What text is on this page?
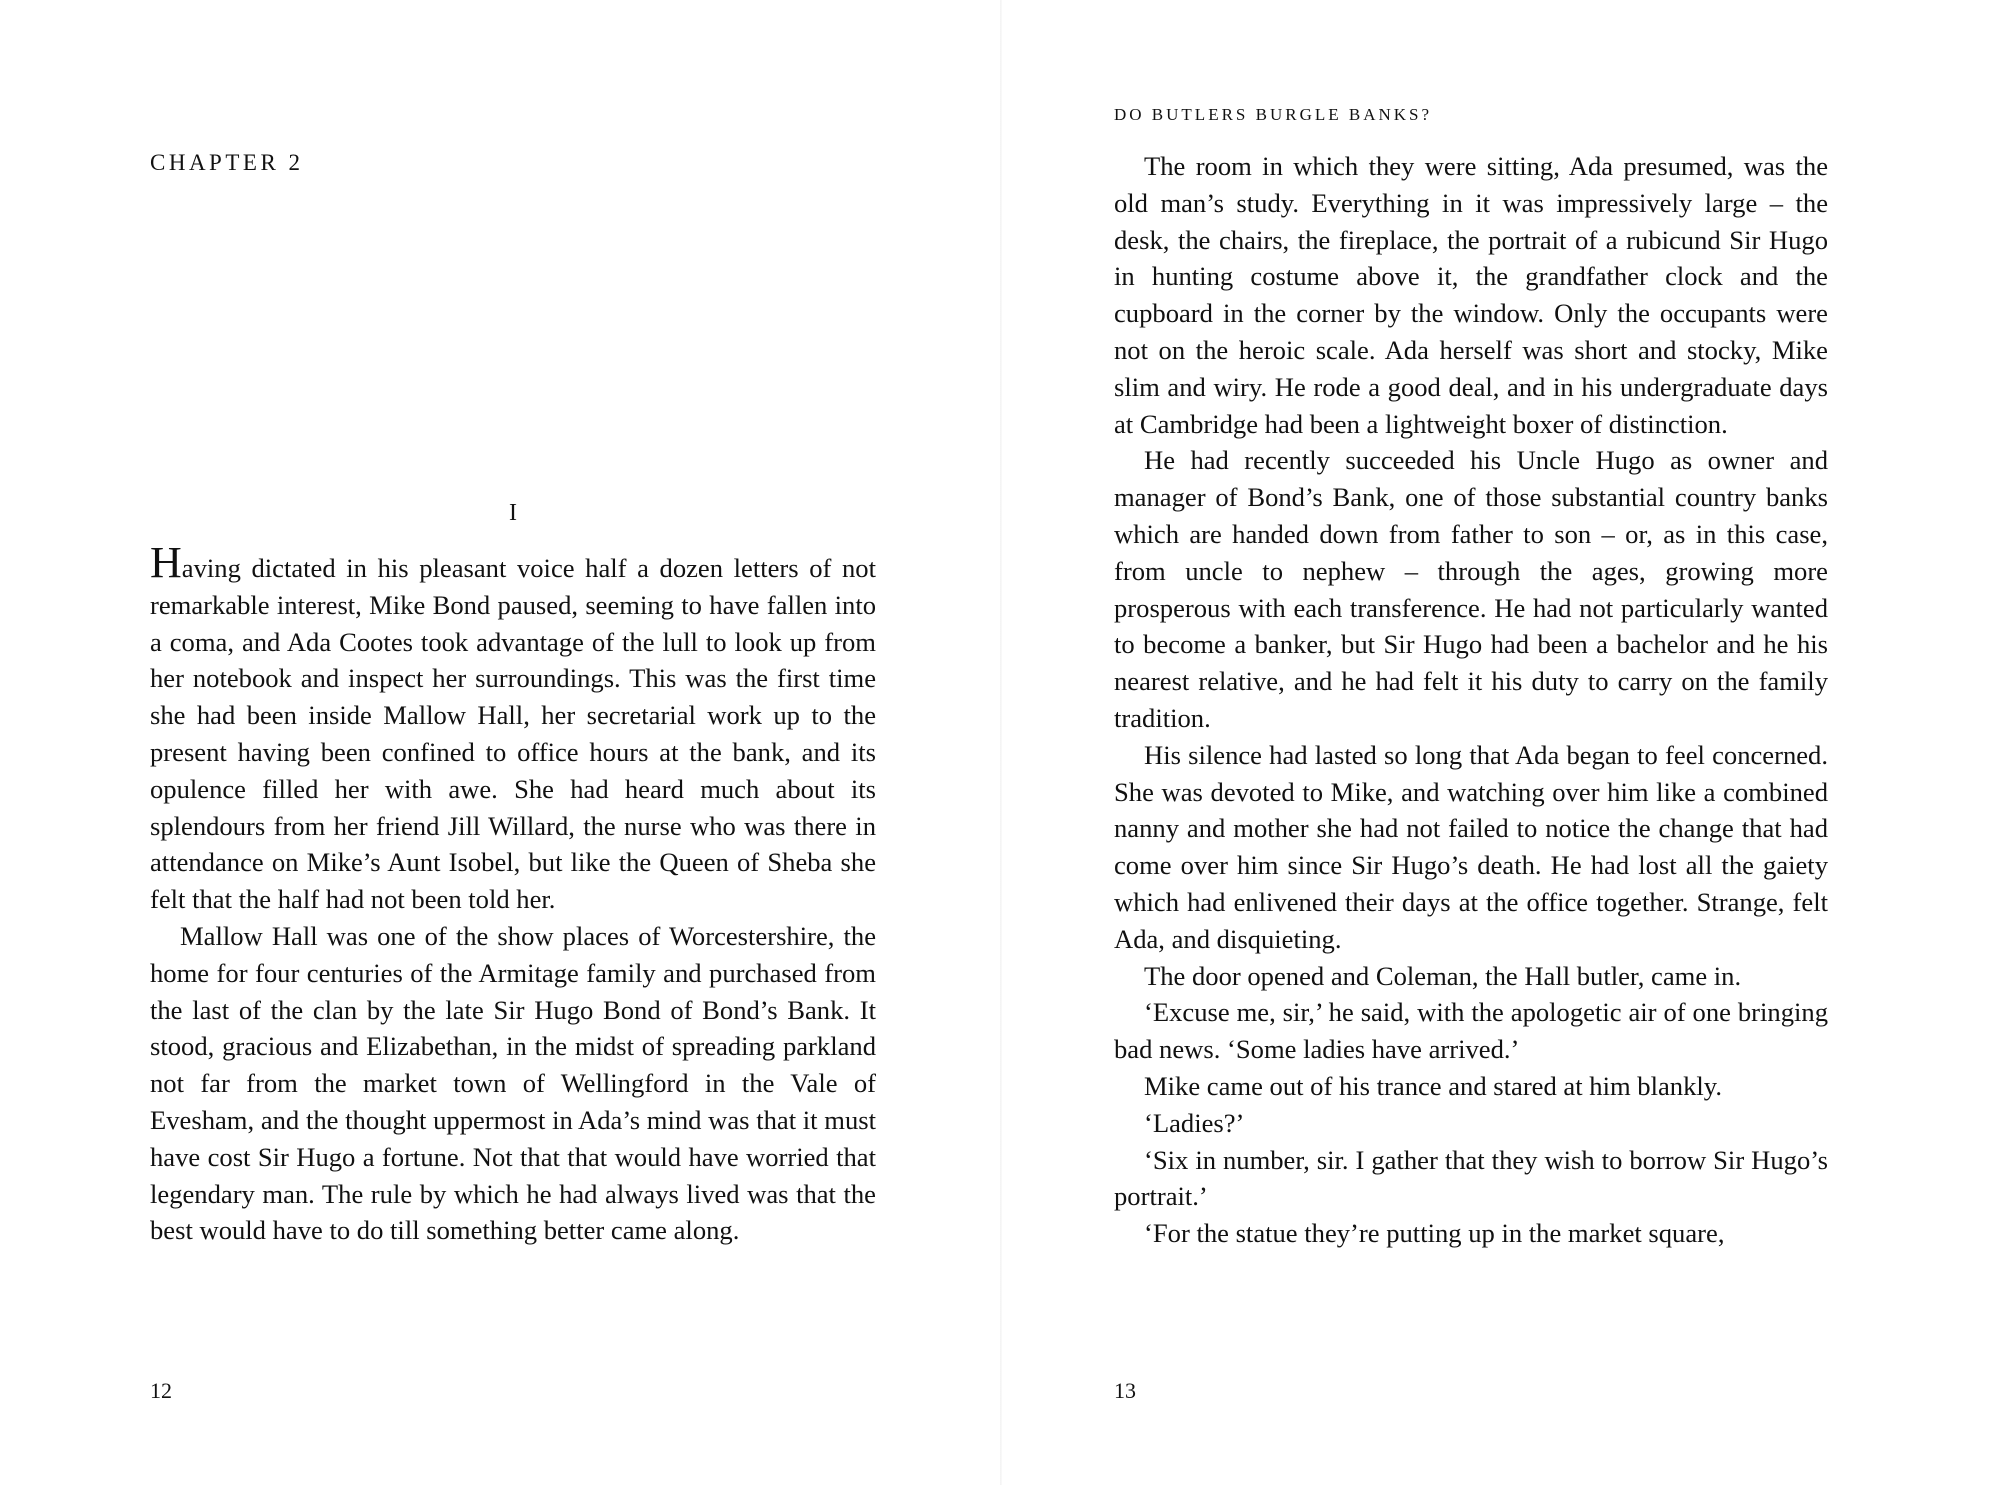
CHAPTER 2
I

Having dictated in his pleasant voice half a dozen letters of not remarkable interest, Mike Bond paused, seeming to have fallen into a coma, and Ada Cootes took advantage of the lull to look up from her notebook and inspect her surroundings. This was the first time she had been inside Mallow Hall, her secretarial work up to the present having been confined to office hours at the bank, and its opulence filled her with awe. She had heard much about its splendours from her friend Jill Willard, the nurse who was there in attendance on Mike’s Aunt Isobel, but like the Queen of Sheba she felt that the half had not been told her.

Mallow Hall was one of the show places of Worcestershire, the home for four centuries of the Armitage family and purchased from the last of the clan by the late Sir Hugo Bond of Bond’s Bank. It stood, gracious and Elizabethan, in the midst of spreading parkland not far from the market town of Wellingford in the Vale of Evesham, and the thought uppermost in Ada’s mind was that it must have cost Sir Hugo a fortune. Not that that would have worried that legendary man. The rule by which he had always lived was that the best would have to do till something better came along.

12
DO BUTLERS BURGLE BANKS?

The room in which they were sitting, Ada presumed, was the old man’s study. Everything in it was impressively large – the desk, the chairs, the fireplace, the portrait of a rubicund Sir Hugo in hunting costume above it, the grandfather clock and the cupboard in the corner by the window. Only the occupants were not on the heroic scale. Ada herself was short and stocky, Mike slim and wiry. He rode a good deal, and in his undergraduate days at Cambridge had been a lightweight boxer of distinction.

He had recently succeeded his Uncle Hugo as owner and manager of Bond’s Bank, one of those substantial country banks which are handed down from father to son – or, as in this case, from uncle to nephew – through the ages, growing more prosperous with each transference. He had not particularly wanted to become a banker, but Sir Hugo had been a bachelor and he his nearest relative, and he had felt it his duty to carry on the family tradition.

His silence had lasted so long that Ada began to feel concerned. She was devoted to Mike, and watching over him like a combined nanny and mother she had not failed to notice the change that had come over him since Sir Hugo’s death. He had lost all the gaiety which had enlivened their days at the office together. Strange, felt Ada, and disquieting.

The door opened and Coleman, the Hall butler, came in.

‘Excuse me, sir,’ he said, with the apologetic air of one bringing bad news. ‘Some ladies have arrived.’

Mike came out of his trance and stared at him blankly.

‘Ladies?’

‘Six in number, sir. I gather that they wish to borrow Sir Hugo’s portrait.’

‘For the statue they’re putting up in the market square,

13
